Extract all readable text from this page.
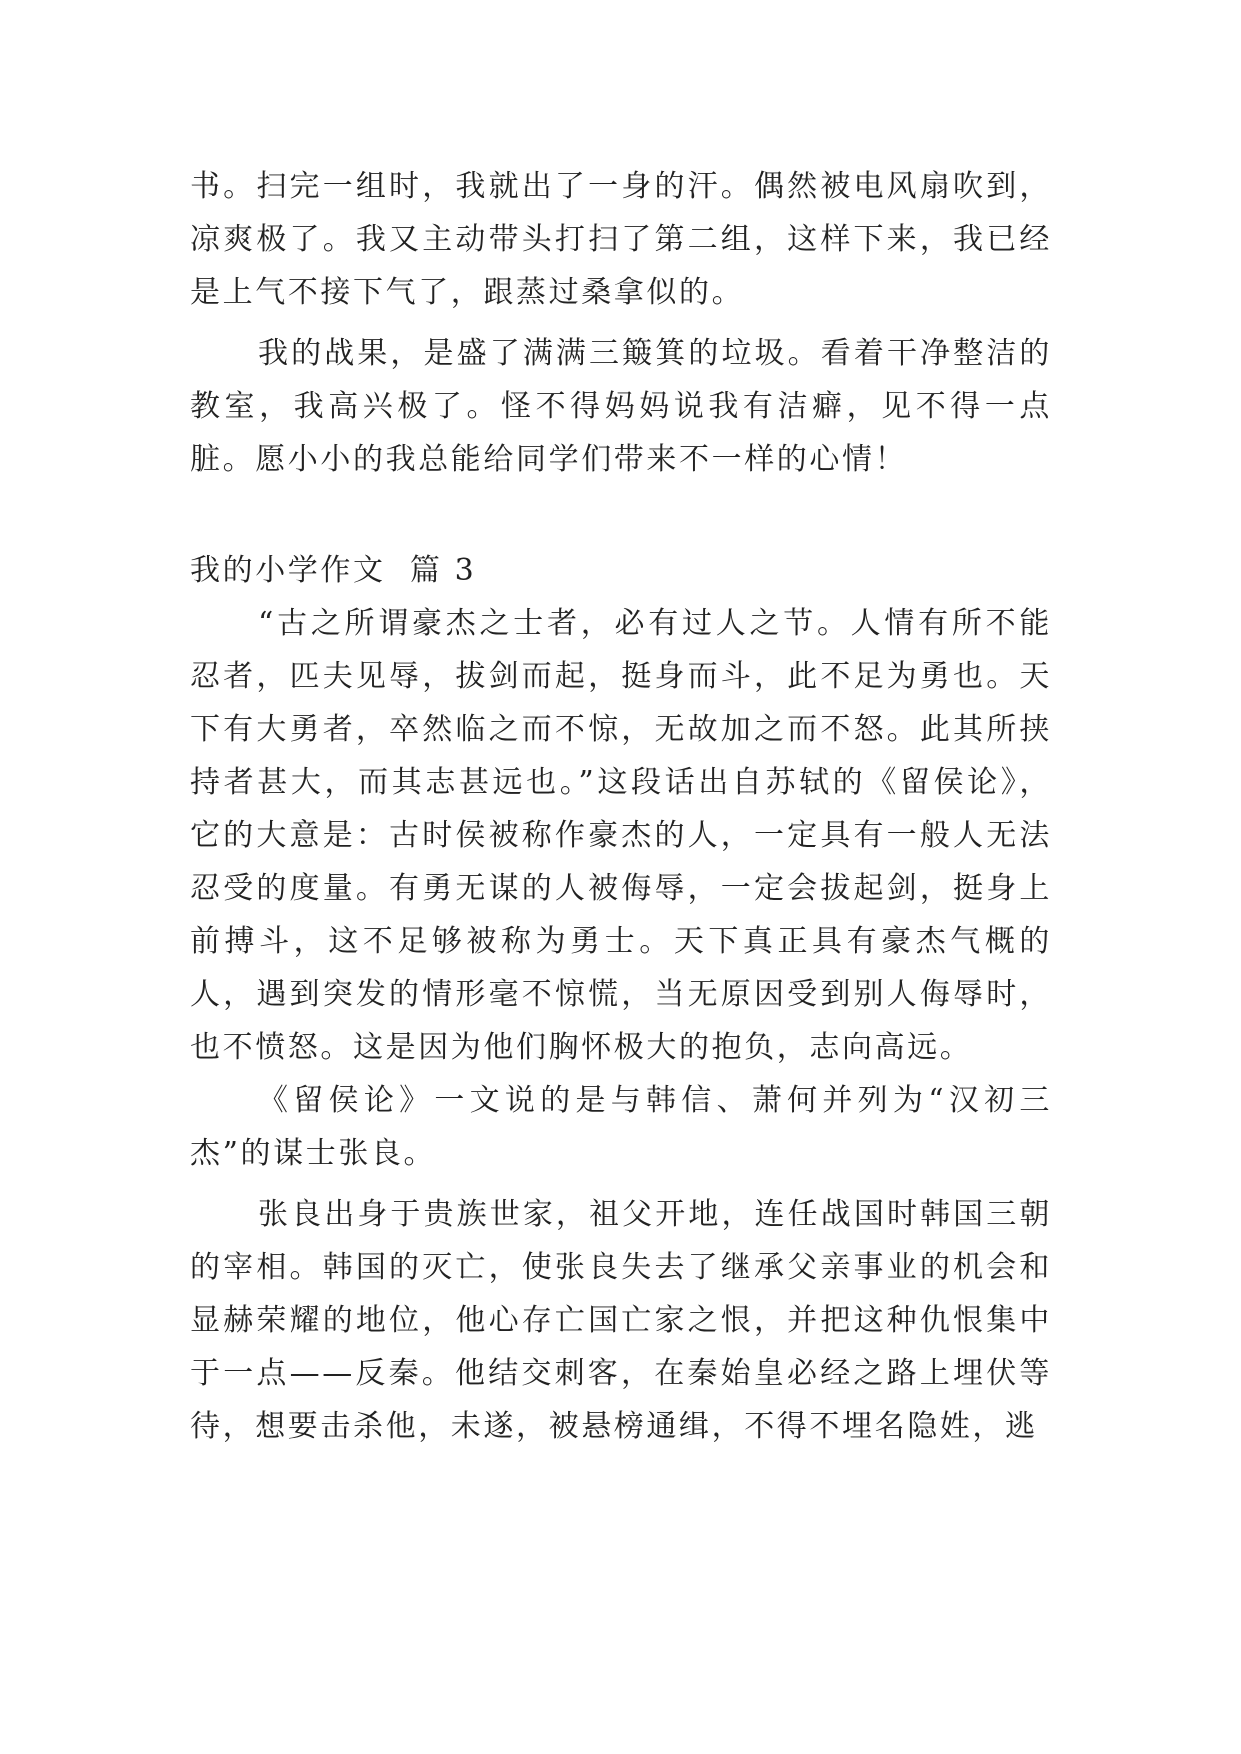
书。扫完一组时，我就出了一身的汗。偶然被电风扇吹到，凉爽极了。我又主动带头打扫了第二组，这样下来，我已经是上气不接下气了，跟蒸过桑拿似的。

我的战果，是盛了满满三簸箕的垃圾。看着干净整洁的教室，我高兴极了。怪不得妈妈说我有洁癖，见不得一点脏。愿小小的我总能给同学们带来不一样的心情！

我的小学作文  篇 3

“古之所谓豪杰之士者，必有过人之节。人情有所不能忍者，匹夫见辱，拔剑而起，挺身而斗，此不足为勇也。天下有大勇者，卒然临之而不惊，无故加之而不怒。此其所挟持者甚大，而其志甚远也。”这段话出自苏轼的《留侯论》，它的大意是：古时侯被称作豪杰的人，一定具有一般人无法忍受的度量。有勇无谋的人被侮辱，一定会拔起剑，挺身上前搏斗，这不足够被称为勇士。天下真正具有豪杰气概的人，遇到突发的情形毫不惊慌，当无原因受到别人侮辱时，也不愤怒。这是因为他们胸怀极大的抱负，志向高远。

《留侯论》一文说的是与韩信、萧何并列为“汉初三杰”的谋士张良。

张良出身于贵族世家，祖父开地，连任战国时韩国三朝的宰相。韩国的灭亡，使张良失去了继承父亲事业的机会和显赫荣耀的地位，他心存亡国亡家之恨，并把这种仇恨集中于一点——反秦。他结交刺客，在秦始皇必经之路上埋伏等待，想要击杀他，未遂，被悬榜通缉，不得不埋名隐姓，逃
